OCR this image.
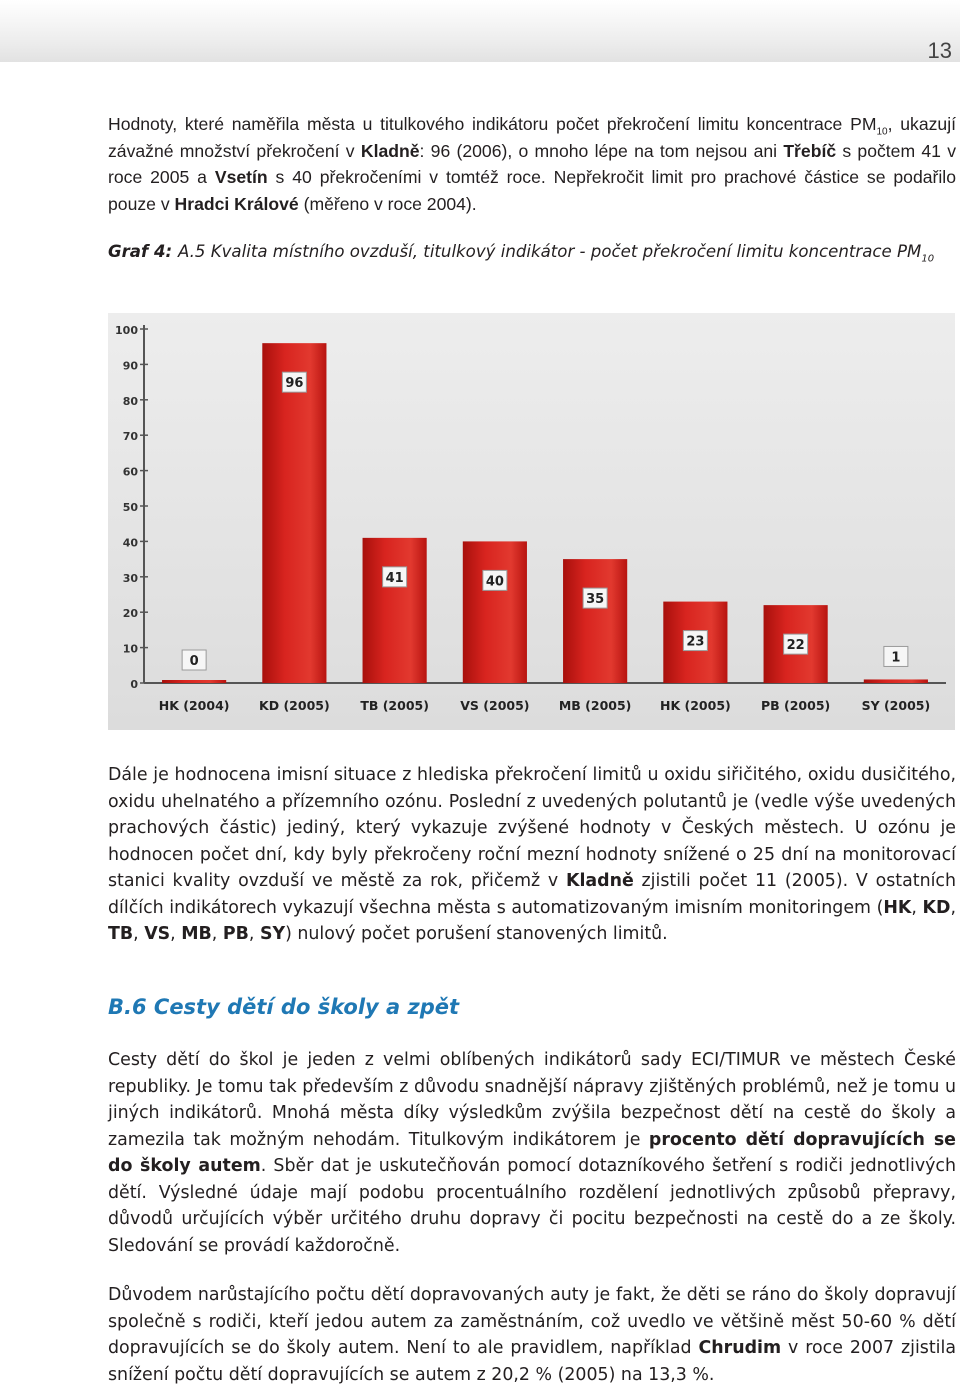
13
Hodnoty, které naměřila města u titulkového indikátoru počet překročení limitu koncentrace $PM_{10}$, ukazují závažné množství překročení v Kladně: 96 (2006), o mnoho lépe na tom nejsou ani Třebíč s počtem 41 v roce 2005 a Vsetín s 40 překročeními v tomtéž roce. Nepřekročit limit pro prachové částice se podařilo pouze v Hradci Králové (měřeno v roce 2004).
Graf 4: A.5 Kvalita místního ovzduší, titulkový indikátor - počet překročení limitu koncentrace $PM_{10}$
0
10
20
30
40
50
60
70
80
90
100
0
HK (2004)
96
KD (2005)
41
TB (2005)
40
VS (2005)
35
MB (2005)
23
HK (2005)
22
PB (2005)
1
SY (2005)
Dále je hodnocena imisní situace z hlediska překročení limitů u oxidu siřičitého, oxidu dusičitého, oxidu uhelnatého a přízemního ozónu. Poslední z uvedených polutantů je (vedle výše uvedených prachových částic) jediný, který vykazuje zvýšené hodnoty v Českých městech. U ozónu je hodnocen počet dní, kdy byly překročeny roční mezní hodnoty snížené o 25 dní na monitorovací stanici kvality ovzduší ve městě za rok, přičemž v Kladně zjistili počet 11 (2005). V ostatních dílčích indikátorech vykazují všechna města s automatizovaným imisním monitoringem (HK, KD, TB, VS, MB, PB, SY) nulový počet porušení stanovených limitů.
B.6 Cesty dětí do školy a zpět
Cesty dětí do škol je jeden z velmi oblíbených indikátorů sady ECI/TIMUR ve městech České republiky. Je tomu tak především z důvodu snadnější nápravy zjištěných problémů, než je tomu u jiných indikátorů. Mnohá města díky výsledkům zvýšila bezpečnost dětí na cestě do školy a zamezila tak možným nehodám. Titulkovým indikátorem je procento dětí dopravujících se do školy autem. Sběr dat je uskutečňován pomocí dotazníkového šetření s rodiči jednotlivých dětí. Výsledné údaje mají podobu procentuálního rozdělení jednotlivých způsobů přepravy, důvodů určujících výběr určitého druhu dopravy či pocitu bezpečnosti na cestě do a ze školy. Sledování se provádí každoročně.
Důvodem narůstajícího počtu dětí dopravovaných auty je fakt, že děti se ráno do školy dopravují společně s rodiči, kteří jedou autem za zaměstnáním, což uvedlo ve většině měst 50-60 % dětí dopravujících se do školy autem. Není to ale pravidlem, například Chrudim v roce 2007 zjistila snížení počtu dětí dopravujících se autem z 20,2 % (2005) na 13,3 %.
